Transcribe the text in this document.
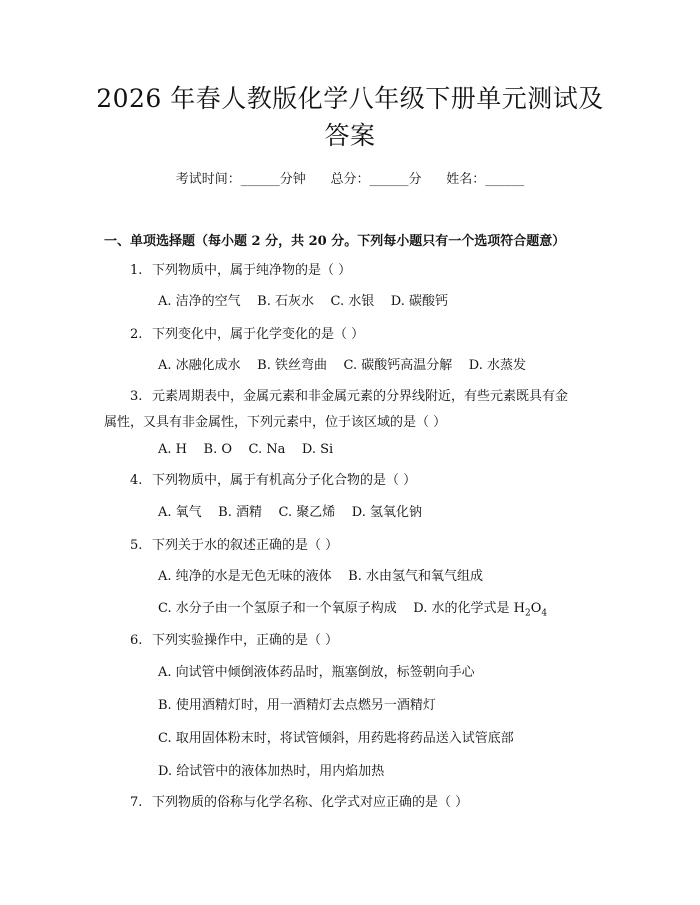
2026 年春人教版化学八年级下册单元测试及
答案
考试时间：______分钟      总分：______分      姓名：______
一、单项选择题（每小题 2 分，共 20 分。下列每小题只有一个选项符合题意）
1. 下列物质中，属于纯净物的是（ ）
A. 洁净的空气    B. 石灰水    C. 水银    D. 碳酸钙
2. 下列变化中，属于化学变化的是（ ）
A. 冰融化成水    B. 铁丝弯曲    C. 碳酸钙高温分解    D. 水蒸发
3. 元素周期表中，金属元素和非金属元素的分界线附近，有些元素既具有金
属性，又具有非金属性，下列元素中，位于该区域的是（ ）
A. H    B. O    C. Na    D. Si
4. 下列物质中，属于有机高分子化合物的是（ ）
A. 氧气    B. 酒精    C. 聚乙烯    D. 氢氧化钠
5. 下列关于水的叙述正确的是（ ）
A. 纯净的水是无色无味的液体    B. 水由氢气和氧气组成
C. 水分子由一个氢原子和一个氧原子构成    D. 水的化学式是 $H_2O_4$
6. 下列实验操作中，正确的是（ ）
A. 向试管中倾倒液体药品时，瓶塞倒放，标签朝向手心
B. 使用酒精灯时，用一酒精灯去点燃另一酒精灯
C. 取用固体粉末时，将试管倾斜，用药匙将药品送入试管底部
D. 给试管中的液体加热时，用内焰加热
7. 下列物质的俗称与化学名称、化学式对应正确的是（ ）
